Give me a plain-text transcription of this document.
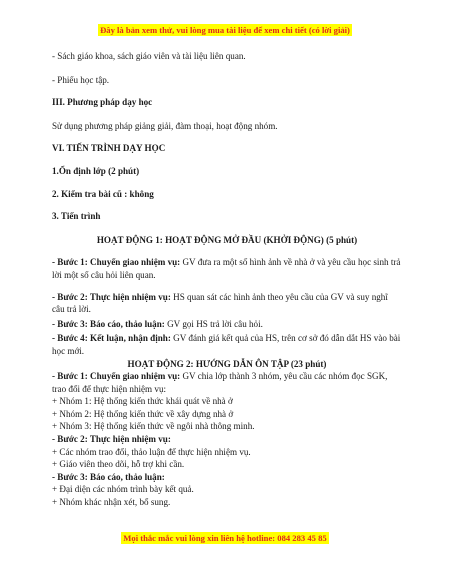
Đây là bản xem thử, vui lòng mua tài liệu để xem chi tiết (có lời giải)

- Sách giáo khoa, sách giáo viên và tài liệu liên quan.

- Phiếu học tập.

III. Phương pháp dạy học

Sử dụng phương pháp giảng giải, đàm thoại, hoạt động nhóm.

VI. TIẾN TRÌNH DẠY HỌC

1.Ổn định lớp (2 phút)

2. Kiểm tra bài cũ : không

3. Tiến trình

HOẠT ĐỘNG 1: HOẠT ĐỘNG MỞ ĐẦU (KHỞI ĐỘNG) (5 phút)

- Bước 1: Chuyển giao nhiệm vụ: GV đưa ra một số hình ảnh về nhà ở và yêu cầu học sinh trả lời một số câu hỏi liên quan.

- Bước 2: Thực hiện nhiệm vụ: HS quan sát các hình ảnh theo yêu cầu của GV và suy nghĩ câu trả lời.

- Bước 3: Báo cáo, thảo luận: GV gọi HS trả lời câu hỏi.

- Bước 4: Kết luận, nhận định: GV đánh giá kết quả của HS, trên cơ sở đó dẫn dắt HS vào bài học mới.

HOẠT ĐỘNG 2: HƯỚNG DẪN ÔN TẬP (23 phút)

- Bước 1: Chuyển giao nhiệm vụ: GV chia lớp thành 3 nhóm, yêu cầu các nhóm đọc SGK, trao đổi để thực hiện nhiệm vụ:

+ Nhóm 1: Hệ thống kiến thức khái quát về nhà ở

+ Nhóm 2: Hệ thống kiến thức về xây dựng nhà ở

+ Nhóm 3: Hệ thống kiến thức về ngôi nhà thông minh.

- Bước 2: Thực hiện nhiệm vụ:

+ Các nhóm trao đổi, thảo luận để thực hiện nhiệm vụ.

+ Giáo viên theo dõi, hỗ trợ khi cần.

- Bước 3: Báo cáo, thảo luận:

+ Đại diện các nhóm trình bày kết quả.

+ Nhóm khác nhận xét, bổ sung.

Mọi thắc mắc vui lòng xin liên hệ hotline: 084 283 45 85
